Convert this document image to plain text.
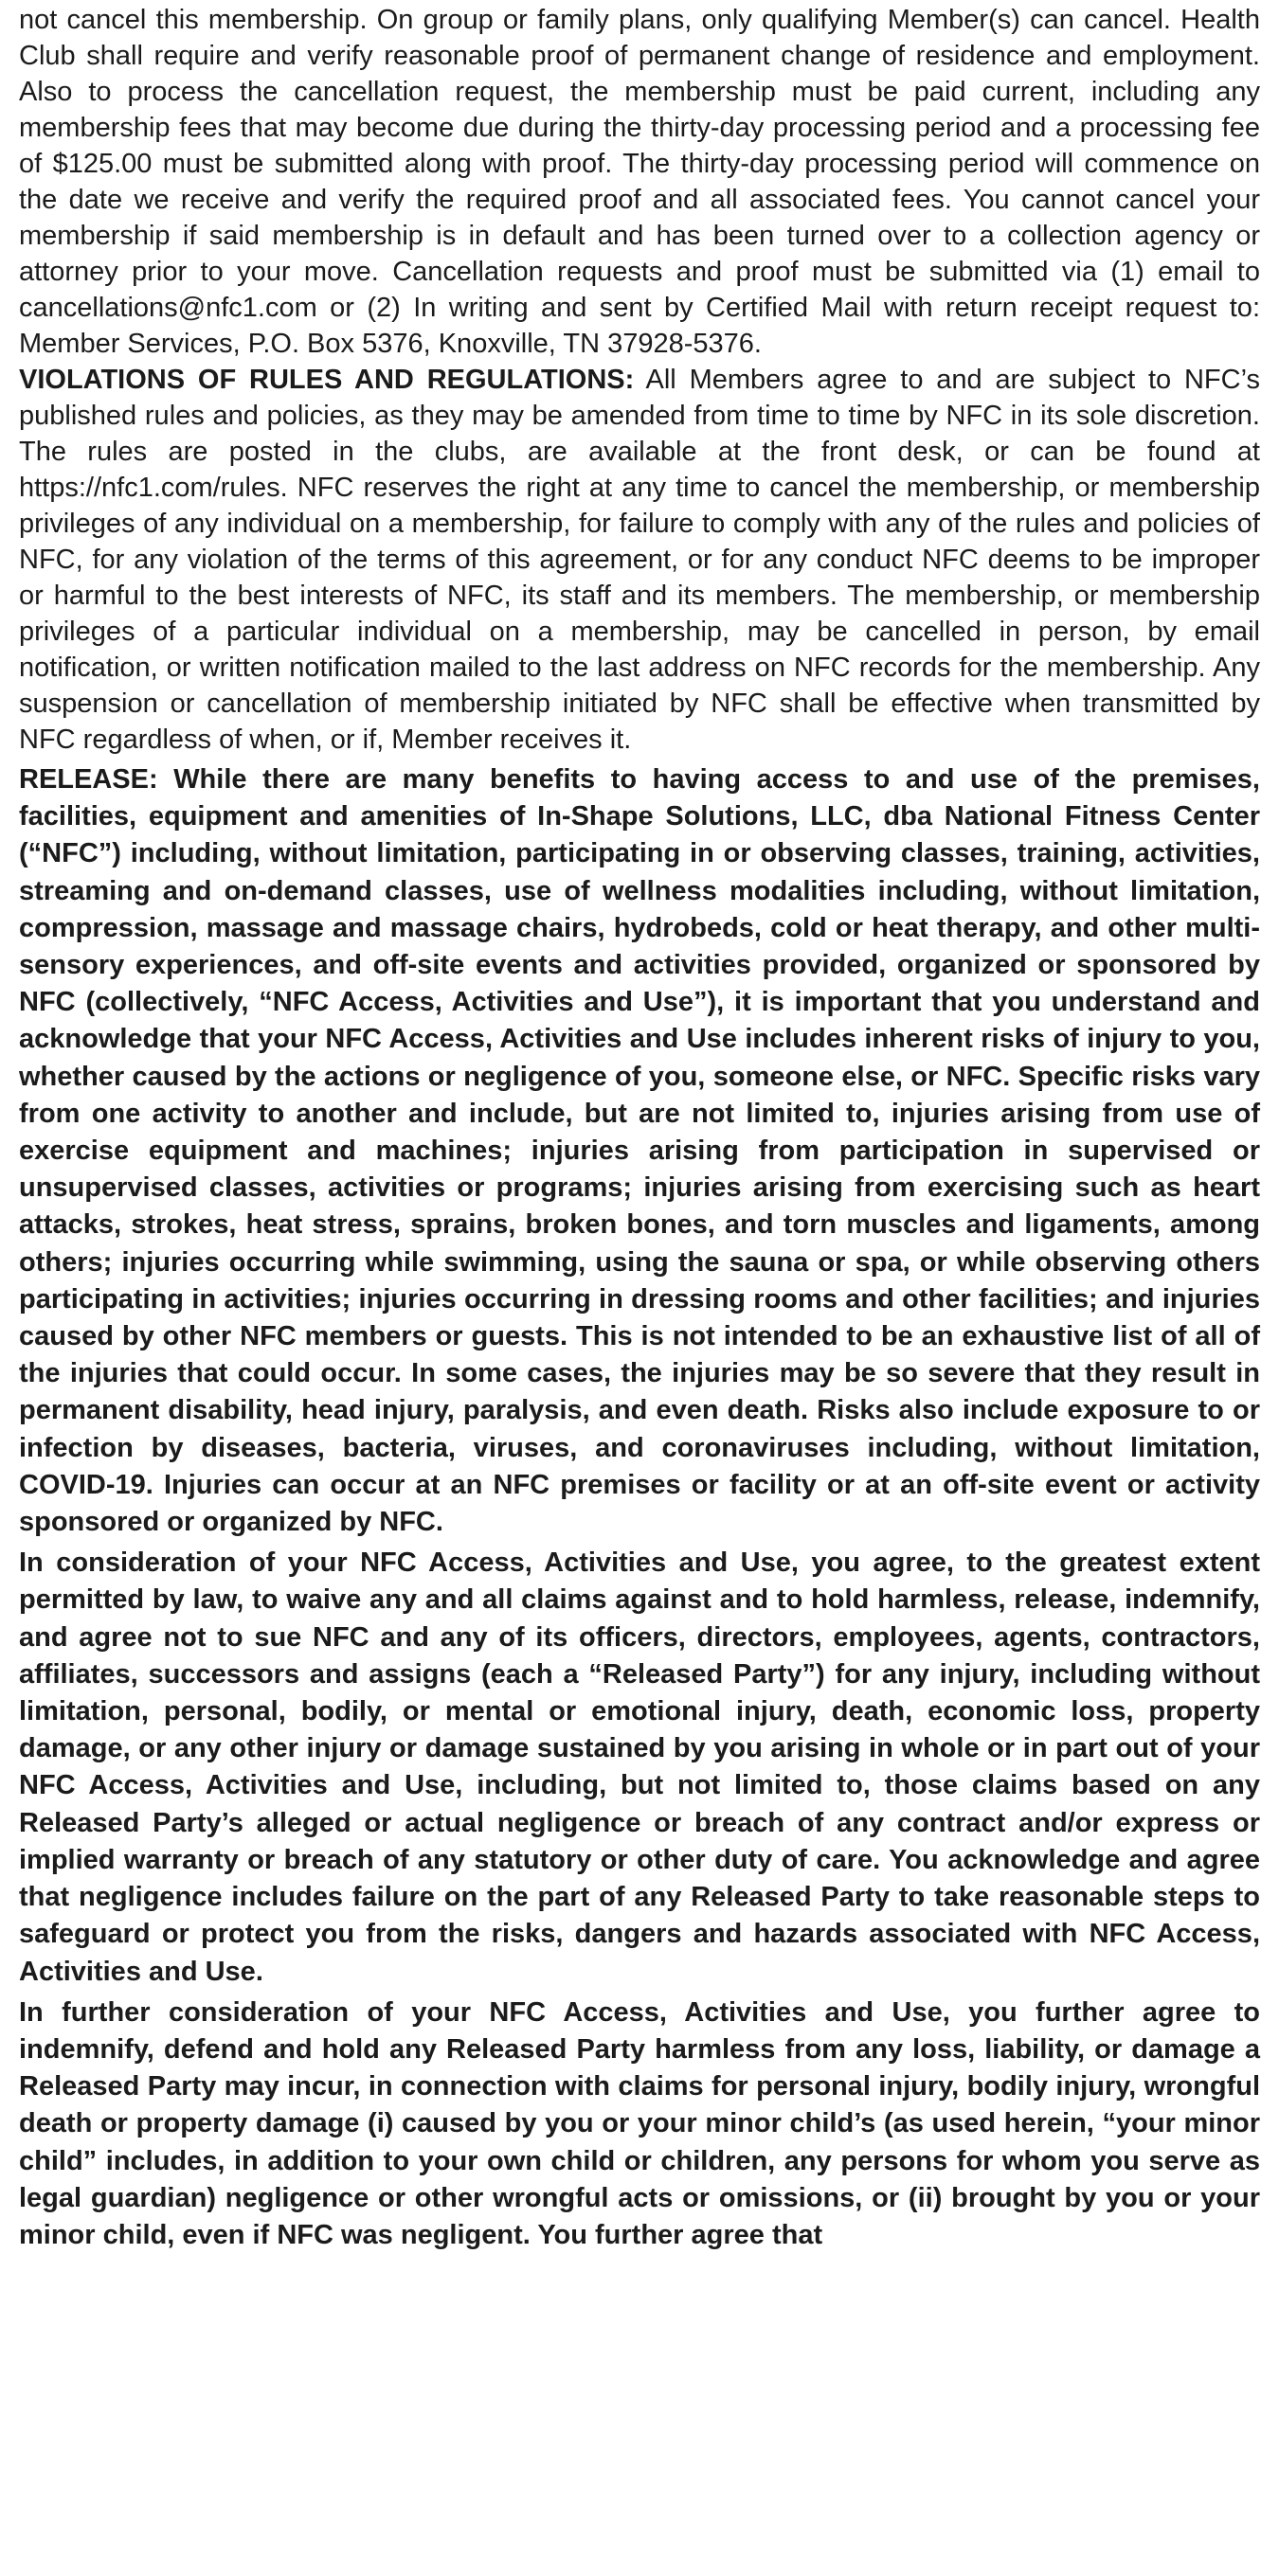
not cancel this membership. On group or family plans, only qualifying Member(s) can cancel. Health Club shall require and verify reasonable proof of permanent change of residence and employment. Also to process the cancellation request, the membership must be paid current, including any membership fees that may become due during the thirty-day processing period and a processing fee of $125.00 must be submitted along with proof. The thirty-day processing period will commence on the date we receive and verify the required proof and all associated fees. You cannot cancel your membership if said membership is in default and has been turned over to a collection agency or attorney prior to your move. Cancellation requests and proof must be submitted via (1) email to cancellations@nfc1.com or (2) In writing and sent by Certified Mail with return receipt request to: Member Services, P.O. Box 5376, Knoxville, TN 37928-5376.

VIOLATIONS OF RULES AND REGULATIONS: All Members agree to and are subject to NFC’s published rules and policies, as they may be amended from time to time by NFC in its sole discretion. The rules are posted in the clubs, are available at the front desk, or can be found at https://nfc1.com/rules. NFC reserves the right at any time to cancel the membership, or membership privileges of any individual on a membership, for failure to comply with any of the rules and policies of NFC, for any violation of the terms of this agreement, or for any conduct NFC deems to be improper or harmful to the best interests of NFC, its staff and its members. The membership, or membership privileges of a particular individual on a membership, may be cancelled in person, by email notification, or written notification mailed to the last address on NFC records for the membership. Any suspension or cancellation of membership initiated by NFC shall be effective when transmitted by NFC regardless of when, or if, Member receives it.

RELEASE: While there are many benefits to having access to and use of the premises, facilities, equipment and amenities of In-Shape Solutions, LLC, dba National Fitness Center (“NFC”) including, without limitation, participating in or observing classes, training, activities, streaming and on-demand classes, use of wellness modalities including, without limitation, compression, massage and massage chairs, hydrobeds, cold or heat therapy, and other multi-sensory experiences, and off-site events and activities provided, organized or sponsored by NFC (collectively, “NFC Access, Activities and Use”), it is important that you understand and acknowledge that your NFC Access, Activities and Use includes inherent risks of injury to you, whether caused by the actions or negligence of you, someone else, or NFC. Specific risks vary from one activity to another and include, but are not limited to, injuries arising from use of exercise equipment and machines; injuries arising from participation in supervised or unsupervised classes, activities or programs; injuries arising from exercising such as heart attacks, strokes, heat stress, sprains, broken bones, and torn muscles and ligaments, among others; injuries occurring while swimming, using the sauna or spa, or while observing others participating in activities; injuries occurring in dressing rooms and other facilities; and injuries caused by other NFC members or guests. This is not intended to be an exhaustive list of all of the injuries that could occur. In some cases, the injuries may be so severe that they result in permanent disability, head injury, paralysis, and even death. Risks also include exposure to or infection by diseases, bacteria, viruses, and coronaviruses including, without limitation, COVID-19. Injuries can occur at an NFC premises or facility or at an off-site event or activity sponsored or organized by NFC.

In consideration of your NFC Access, Activities and Use, you agree, to the greatest extent permitted by law, to waive any and all claims against and to hold harmless, release, indemnify, and agree not to sue NFC and any of its officers, directors, employees, agents, contractors, affiliates, successors and assigns (each a “Released Party”) for any injury, including without limitation, personal, bodily, or mental or emotional injury, death, economic loss, property damage, or any other injury or damage sustained by you arising in whole or in part out of your NFC Access, Activities and Use, including, but not limited to, those claims based on any Released Party’s alleged or actual negligence or breach of any contract and/or express or implied warranty or breach of any statutory or other duty of care. You acknowledge and agree that negligence includes failure on the part of any Released Party to take reasonable steps to safeguard or protect you from the risks, dangers and hazards associated with NFC Access, Activities and Use.

In further consideration of your NFC Access, Activities and Use, you further agree to indemnify, defend and hold any Released Party harmless from any loss, liability, or damage a Released Party may incur, in connection with claims for personal injury, bodily injury, wrongful death or property damage (i) caused by you or your minor child’s (as used herein, “your minor child” includes, in addition to your own child or children, any persons for whom you serve as legal guardian) negligence or other wrongful acts or omissions, or (ii) brought by you or your minor child, even if NFC was negligent. You further agree that
